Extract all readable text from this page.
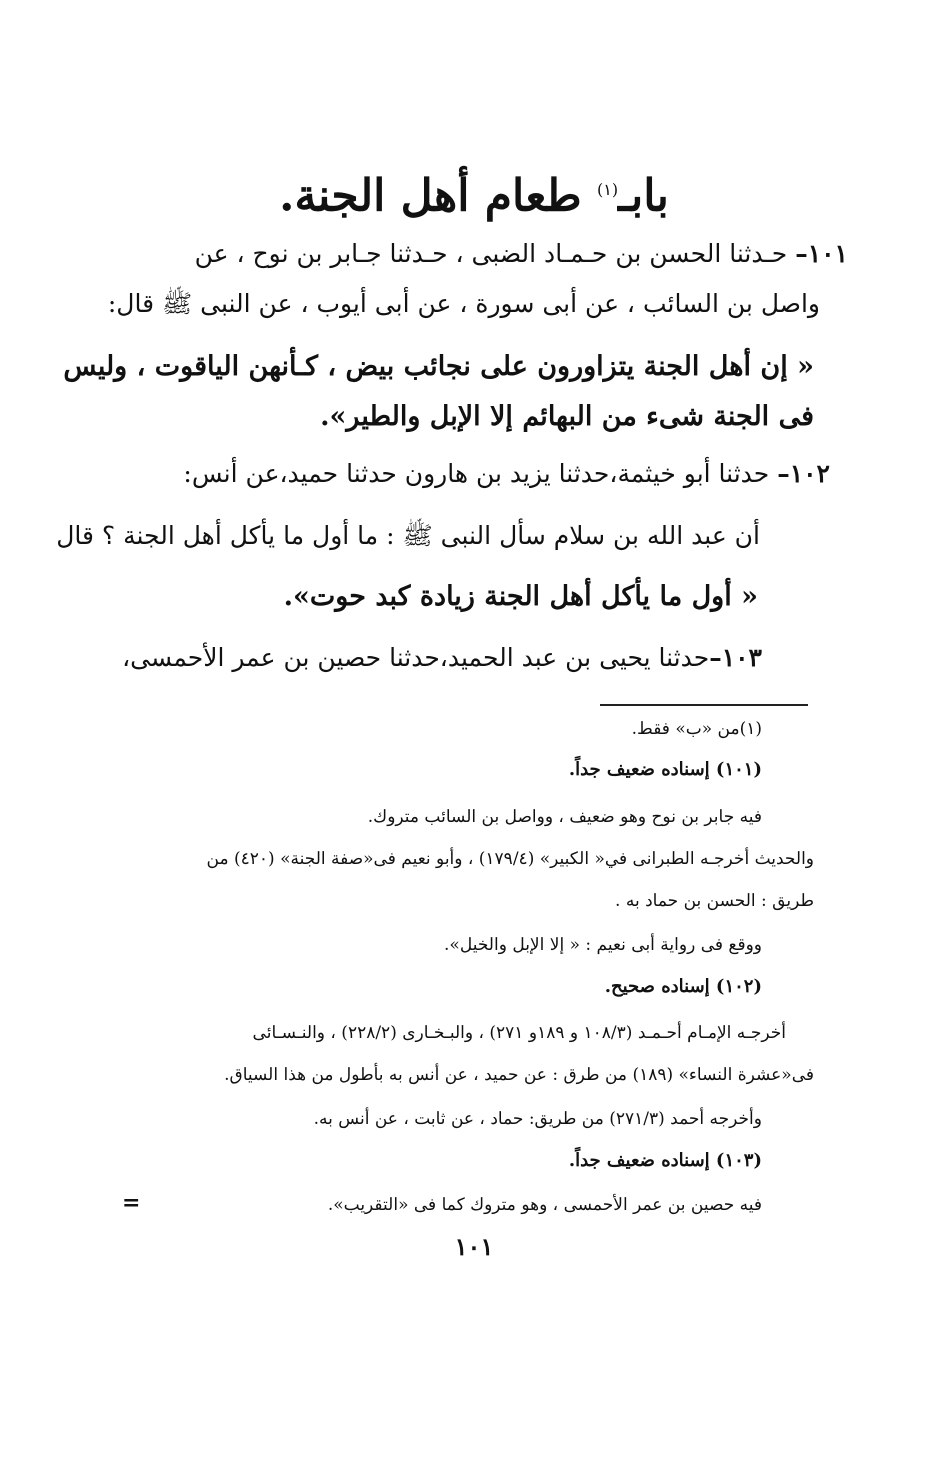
بابـ$^{(١)}$ طعام أهل الجنة.
١٠١– حـدثنا الحسن بن حـمـاد الضبى ، حـدثنا جـابر بن نوح ، عن
واصل بن السائب ، عن أبى سورة ، عن أبى أيوب ، عن النبى ﷺ قال:
« إن أهل الجنة يتزاورون على نجائب بيض ، كـأنهن الياقوت ، وليس
فى الجنة شىء من البهائم إلا الإبل والطير».
١٠٢– حدثنا أبو خيثمة،حدثنا يزيد بن هارون حدثنا حميد،عن أنس:
أن عبد الله بن سلام سأل النبى ﷺ : ما أول ما يأكل أهل الجنة ؟ قال
« أول ما يأكل أهل الجنة زيادة كبد حوت».
١٠٣–حدثنا يحيى بن عبد الحميد،حدثنا حصين بن عمر الأحمسى،
(١)من «ب» فقط.
(١٠١) إسناده ضعيف جداً.
فيه جابر بن نوح وهو ضعيف ، وواصل بن السائب متروك.
والحديث أخرجـه الطبرانى في« الكبير» (١٧٩/٤) ، وأبو نعيم فى«صفة الجنة» (٤٢٠) من
طريق : الحسن بن حماد به .
ووقع فى رواية أبى نعيم : « إلا الإبل والخيل».
(١٠٢) إسناده صحيح.
أخرجـه الإمـام أحـمـد (١٠٨/٣ و ١٨٩و ٢٧١) ، والبـخـارى (٢٢٨/٢) ، والنـسـائى
فى«عشرة النساء» (١٨٩) من طرق : عن حميد ، عن أنس به بأطول من هذا السياق.
وأخرجه أحمد (٢٧١/٣) من طريق: حماد ، عن ثابت ، عن أنس به.
(١٠٣) إسناده ضعيف جداً.
فيه حصين بن عمر الأحمسى ، وهو متروك كما فى «التقريب».
=
١٠١
